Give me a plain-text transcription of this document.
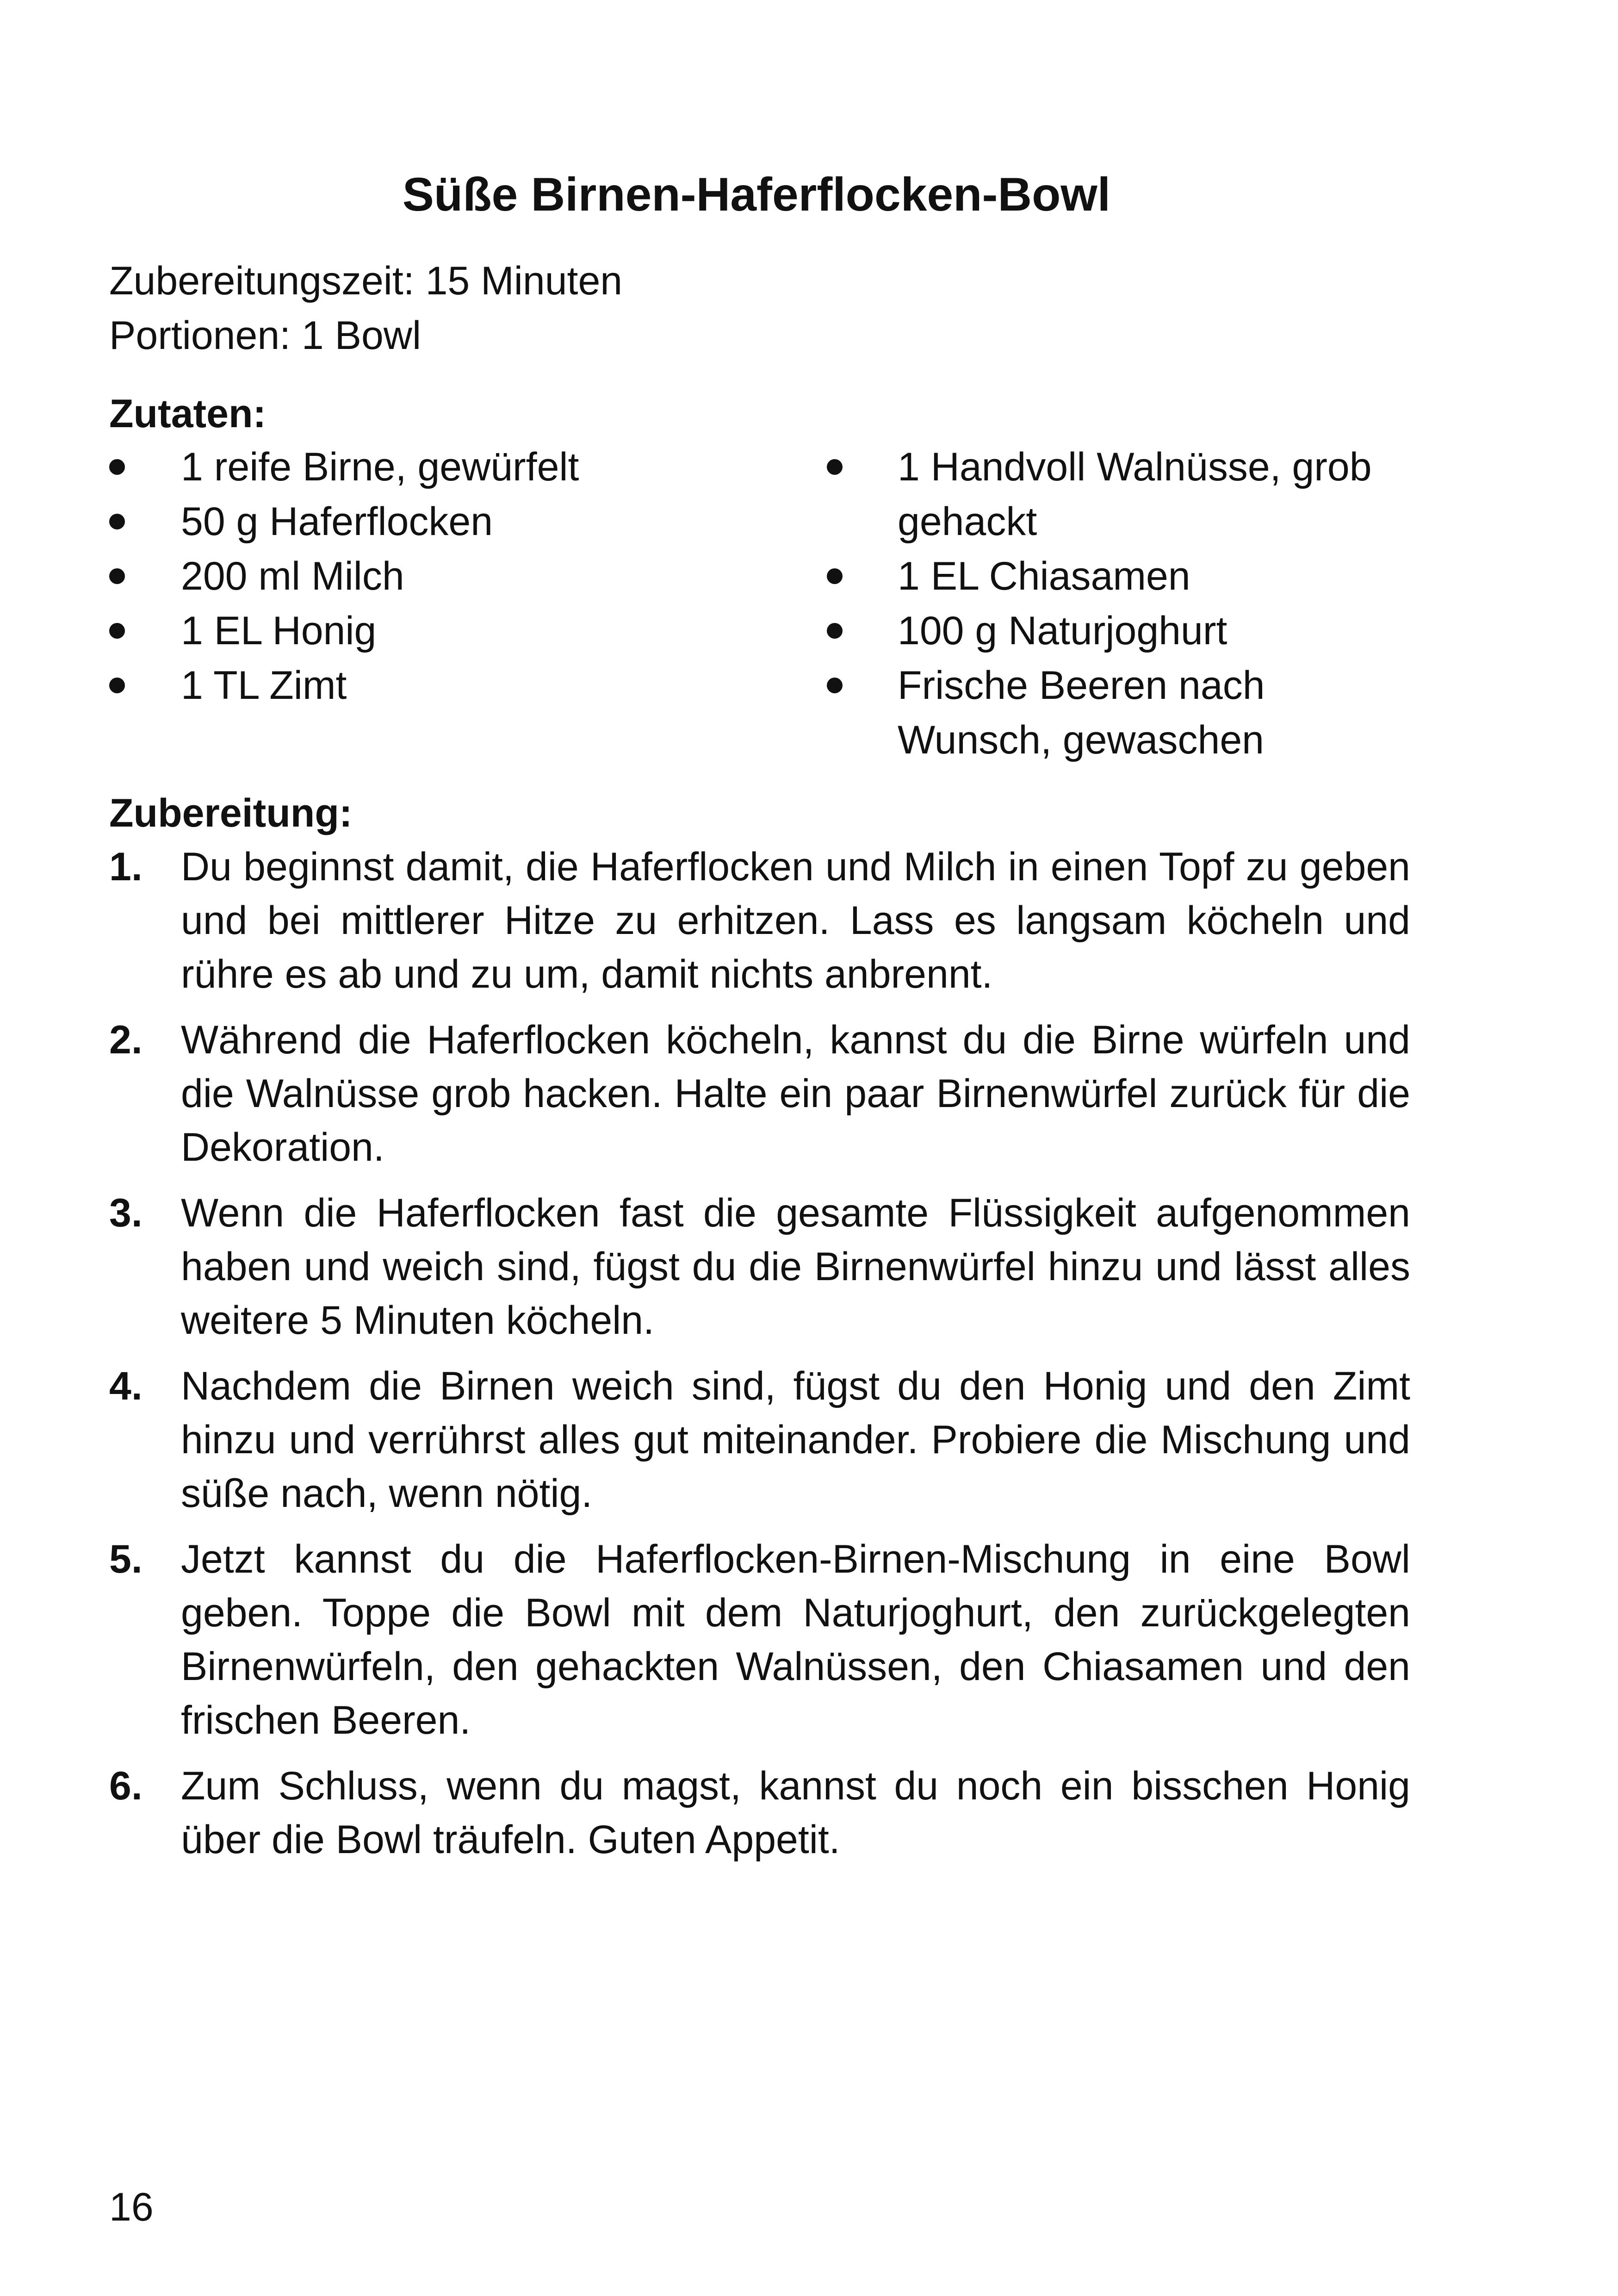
Süße Birnen-Haferflocken-Bowl
Zubereitungszeit: 15 Minuten
Portionen: 1 Bowl
Zutaten:
1 reife Birne, gewürfelt
50 g Haferflocken
200 ml Milch
1 EL Honig
1 TL Zimt
1 Handvoll Walnüsse, grob gehackt
1 EL Chiasamen
100 g Naturjoghurt
Frische Beeren nach Wunsch, gewaschen
Zubereitung:
1. Du beginnst damit, die Haferflocken und Milch in einen Topf zu geben und bei mittlerer Hitze zu erhitzen. Lass es langsam köcheln und rühre es ab und zu um, damit nichts anbrennt.
2. Während die Haferflocken köcheln, kannst du die Birne würfeln und die Walnüsse grob hacken. Halte ein paar Birnenwürfel zurück für die Dekoration.
3. Wenn die Haferflocken fast die gesamte Flüssigkeit aufgenommen haben und weich sind, fügst du die Birnenwürfel hinzu und lässt alles weitere 5 Minuten köcheln.
4. Nachdem die Birnen weich sind, fügst du den Honig und den Zimt hinzu und verrührst alles gut miteinander. Probiere die Mischung und süße nach, wenn nötig.
5. Jetzt kannst du die Haferflocken-Birnen-Mischung in eine Bowl geben. Toppe die Bowl mit dem Naturjoghurt, den zurückgelegten Birnenwürfeln, den gehackten Walnüssen, den Chiasamen und den frischen Beeren.
6. Zum Schluss, wenn du magst, kannst du noch ein bisschen Honig über die Bowl träufeln. Guten Appetit.
16
